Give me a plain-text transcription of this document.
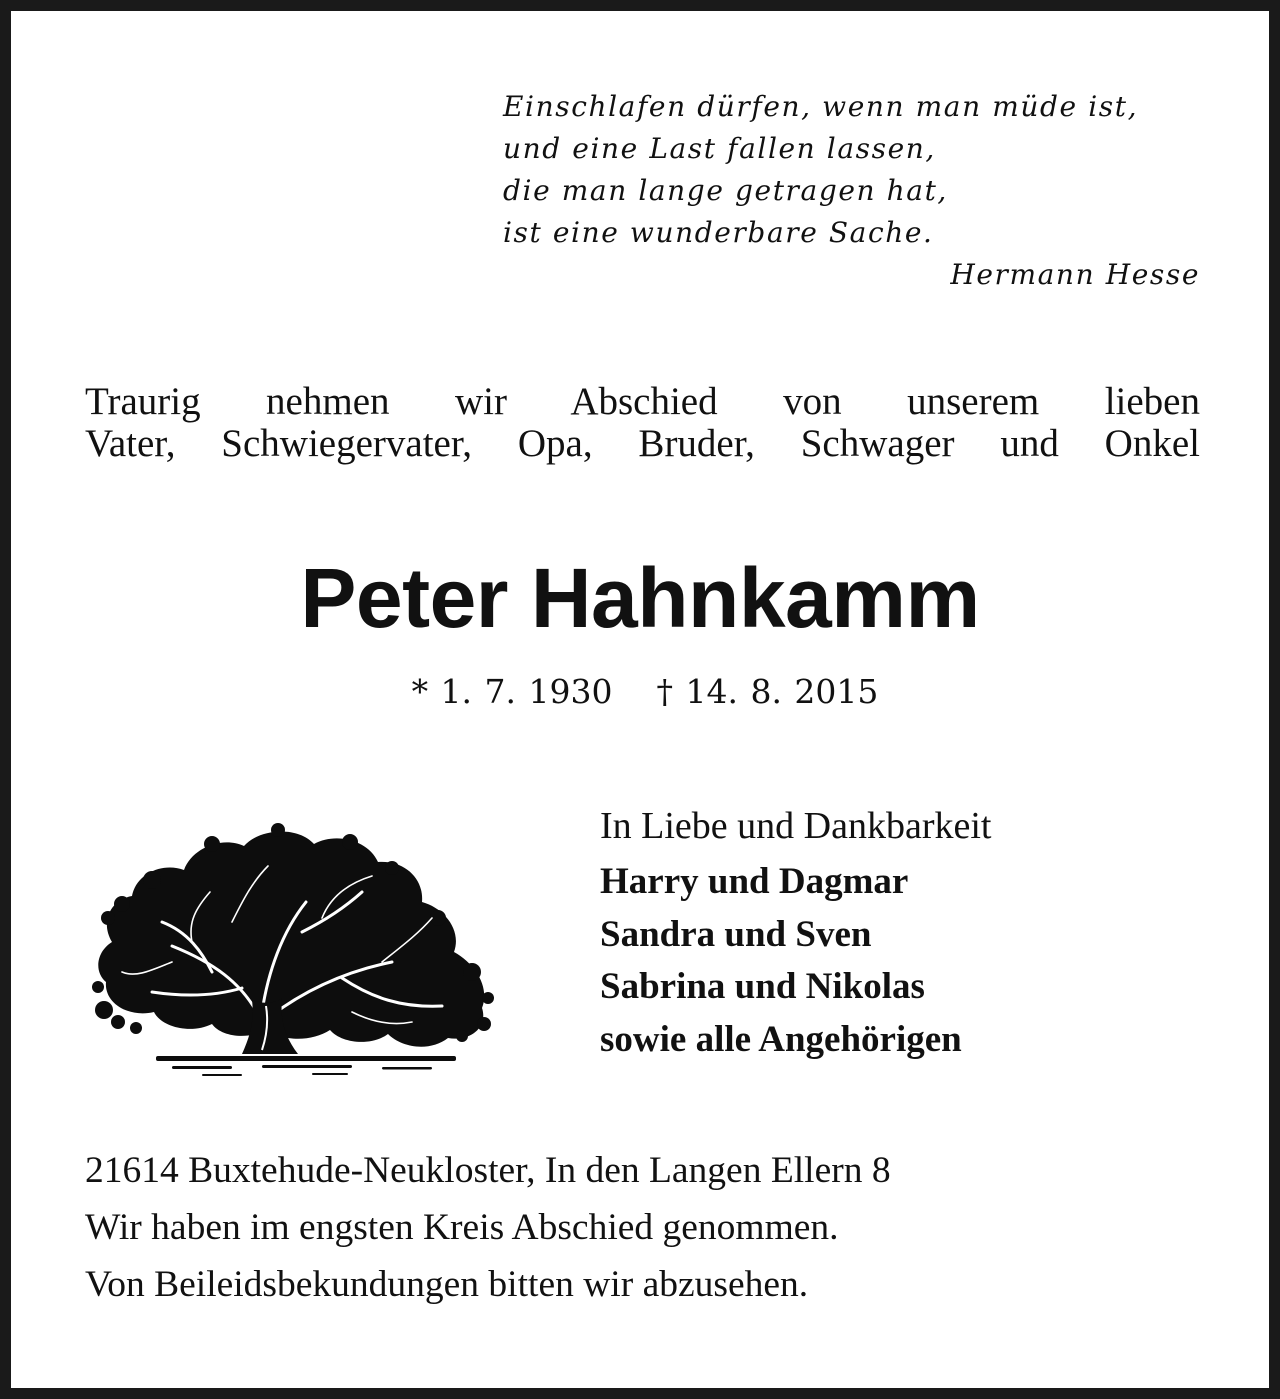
Einschlafen dürfen, wenn man müde ist,
und eine Last fallen lassen,
die man lange getragen hat,
ist eine wunderbare Sache.
Hermann Hesse
Traurig nehmen wir Abschied von unserem lieben
Vater, Schwiegervater, Opa, Bruder, Schwager und Onkel
Peter Hahnkamm
* 1. 7. 1930 † 14. 8. 2015
In Liebe und Dankbarkeit
Harry und Dagmar
Sandra und Sven
Sabrina und Nikolas
sowie alle Angehörigen
21614 Buxtehude-Neukloster, In den Langen Ellern 8
Wir haben im engsten Kreis Abschied genommen.
Von Beileidsbekundungen bitten wir abzusehen.
